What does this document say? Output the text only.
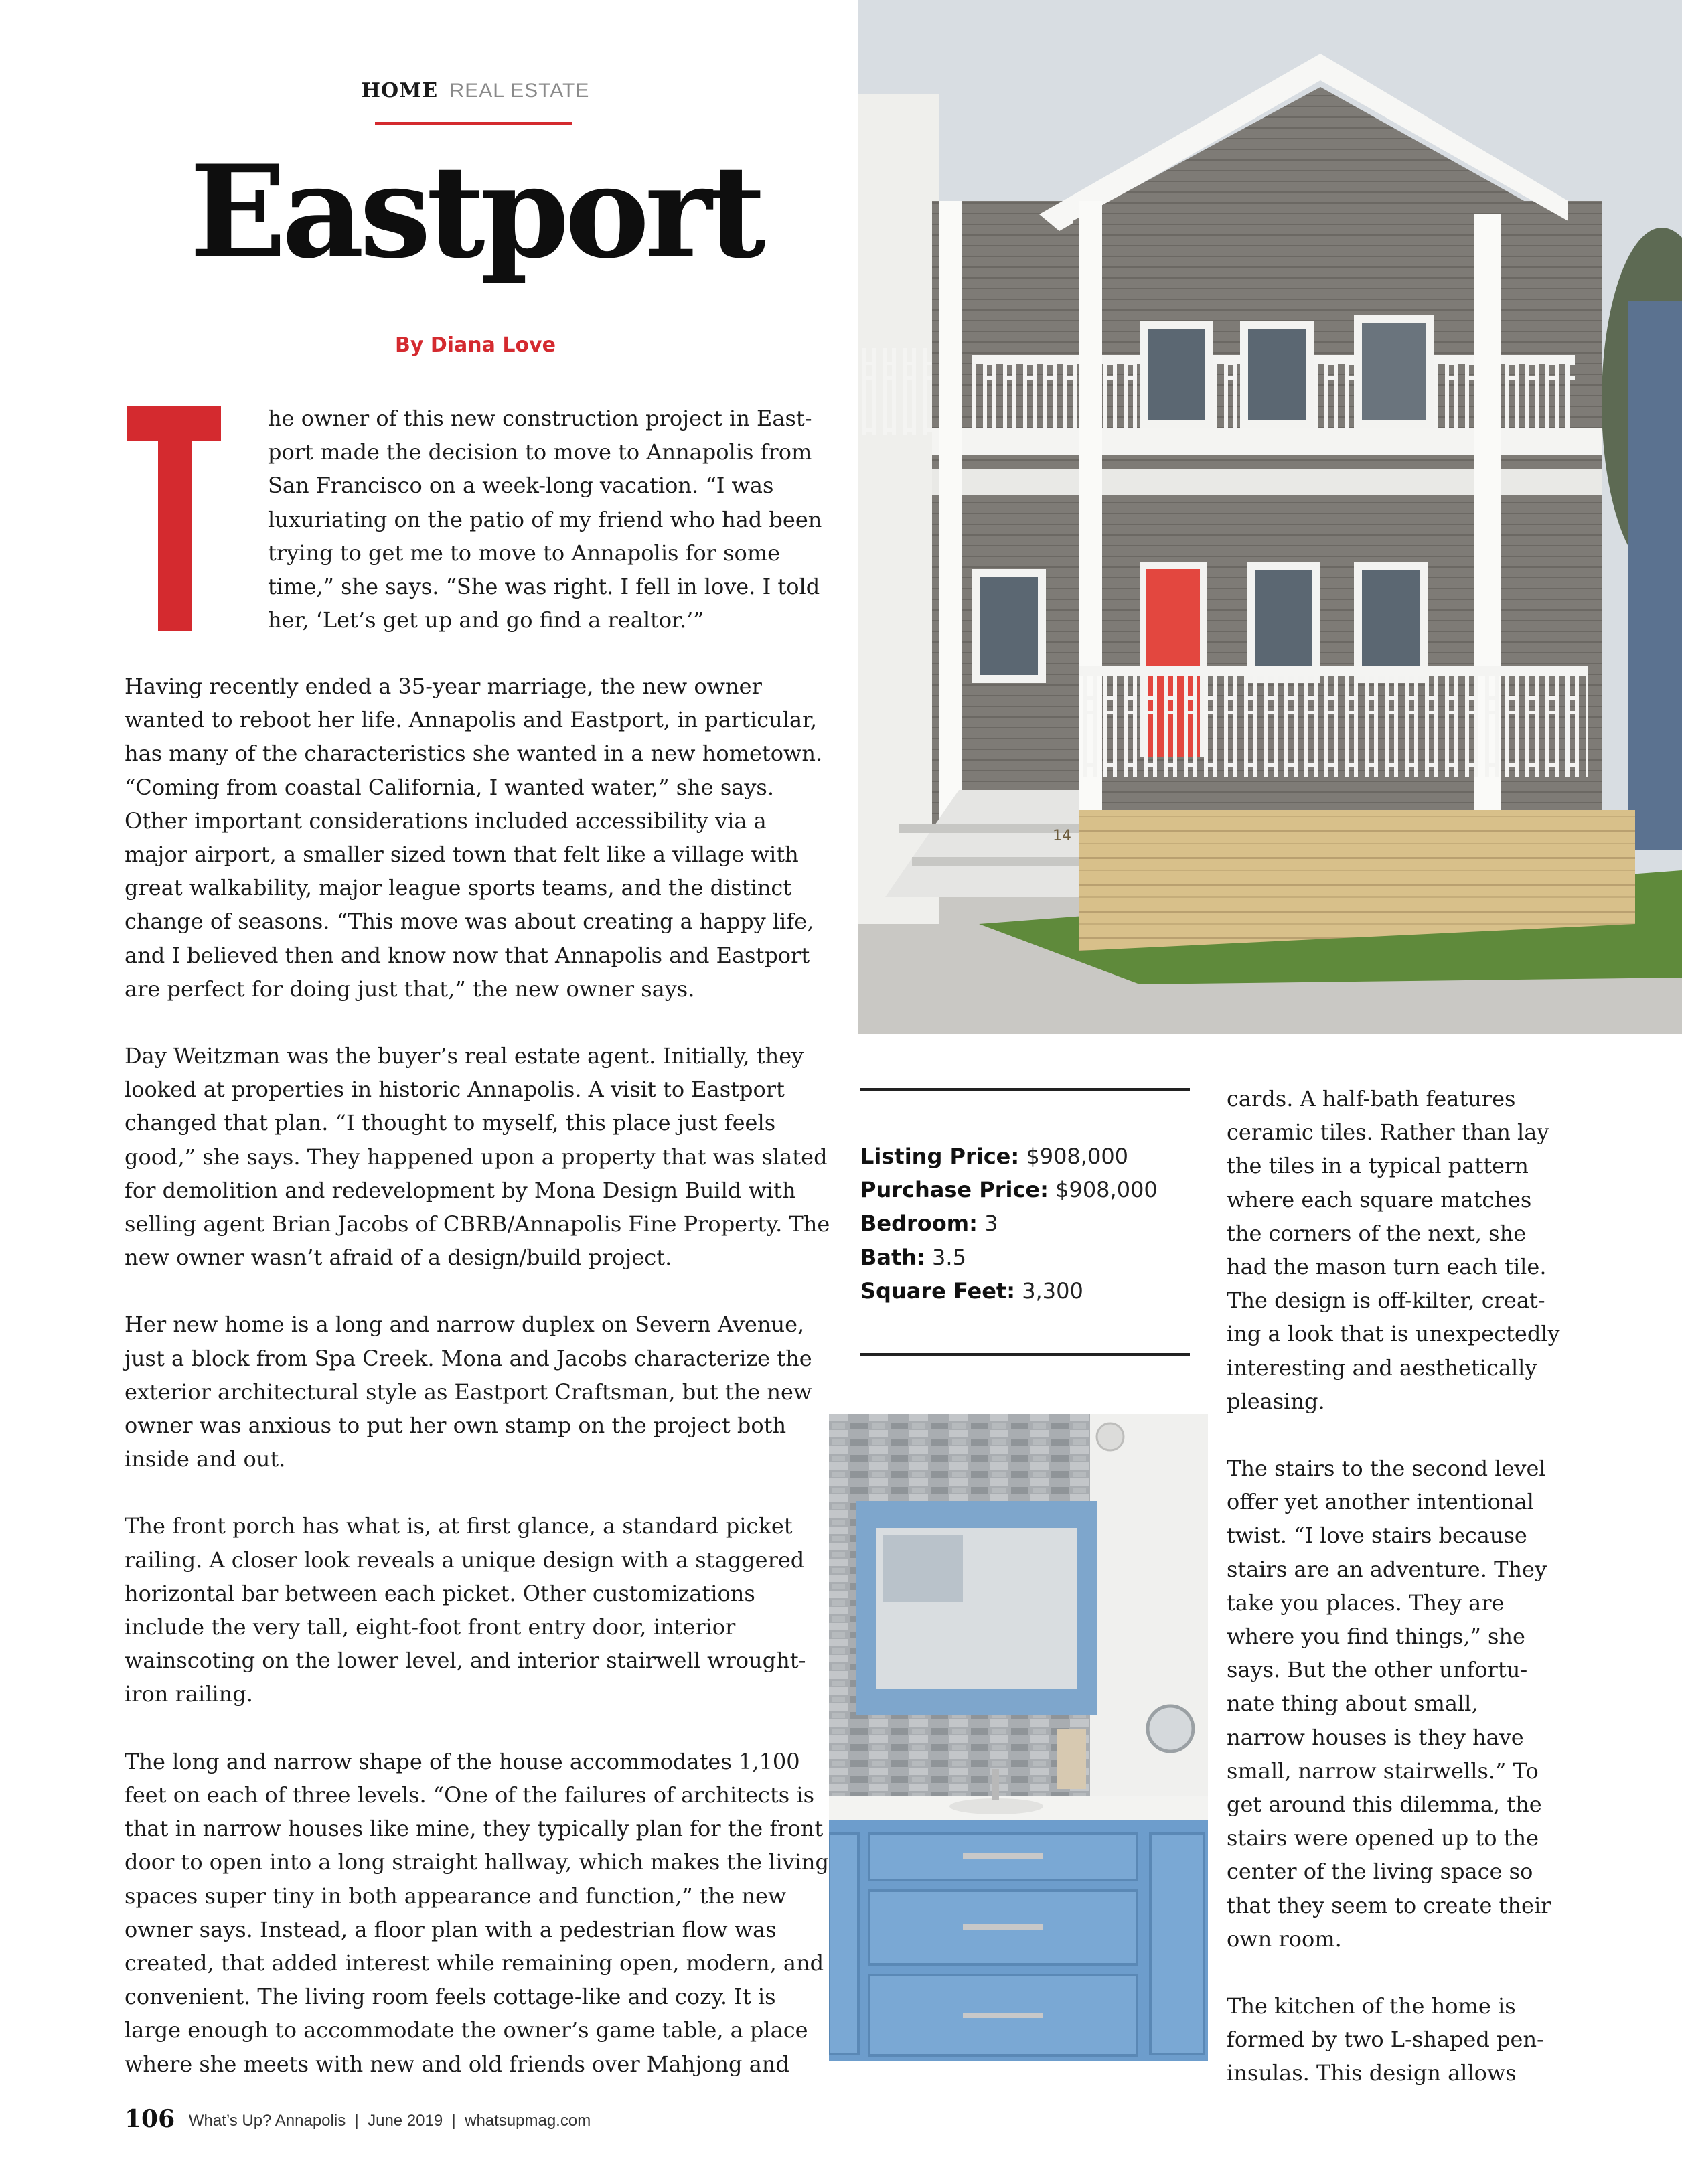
HOME REAL ESTATE
Eastport
By Diana Love

he owner of this new construction project in Eastport made the decision to move to Annapolis from San Francisco on a week-long vacation. “I was luxuriating on the patio of my friend who had been trying to get me to move to Annapolis for some time,” she says. “She was right. I fell in love. I told her, ‘Let’s get up and go find a realtor.’”

Having recently ended a 35-year marriage, the new owner wanted to reboot her life. Annapolis and Eastport, in particular, has many of the characteristics she wanted in a new hometown. “Coming from coastal California, I wanted water,” she says. Other important considerations included accessibility via a major airport, a smaller sized town that felt like a village with great walkability, major league sports teams, and the distinct change of seasons. “This move was about creating a happy life, and I believed then and know now that Annapolis and Eastport are perfect for doing just that,” the new owner says.

Day Weitzman was the buyer’s real estate agent. Initially, they looked at properties in historic Annapolis. A visit to Eastport changed that plan. “I thought to myself, this place just feels good,” she says. They happened upon a property that was slated for demolition and redevelopment by Mona Design Build with selling agent Brian Jacobs of CBRB/Annapolis Fine Property. The new owner wasn’t afraid of a design/build project.

Her new home is a long and narrow duplex on Severn Avenue, just a block from Spa Creek. Mona and Jacobs characterize the exterior architectural style as Eastport Craftsman, but the new owner was anxious to put her own stamp on the project both inside and out.

The front porch has what is, at first glance, a standard picket railing. A closer look reveals a unique design with a staggered horizontal bar between each picket. Other customizations include the very tall, eight-foot front entry door, interior wainscoting on the lower level, and interior stairwell wrought-iron railing.

The long and narrow shape of the house accommodates 1,100 feet on each of three levels. “One of the failures of architects is that in narrow houses like mine, they typically plan for the front door to open into a long straight hallway, which makes the living spaces super tiny in both appearance and function,” the new owner says. Instead, a floor plan with a pedestrian flow was created, that added interest while remaining open, modern, and convenient. The living room feels cottage-like and cozy. It is large enough to accommodate the owner’s game table, a place where she meets with new and old friends over Mahjong and

14
Listing Price: $908,000
Purchase Price: $908,000
Bedroom: 3
Bath: 3.5
Square Feet: 3,300

cards. A half-bath features ceramic tiles. Rather than lay the tiles in a typical pattern where each square matches the corners of the next, she had the mason turn each tile. The design is off-kilter, creating a look that is unexpectedly interesting and aesthetically pleasing.

The stairs to the second level offer yet another intentional twist. “I love stairs because stairs are an adventure. They take you places. They are where you find things,” she says. But the other unfortunate thing about small, narrow houses is they have small, narrow stairwells.” To get around this dilemma, the stairs were opened up to the center of the living space so that they seem to create their own room.

The kitchen of the home is formed by two L-shaped peninsulas. This design allows

106 What’s Up? Annapolis  |  June 2019  |  whatsupmag.com
